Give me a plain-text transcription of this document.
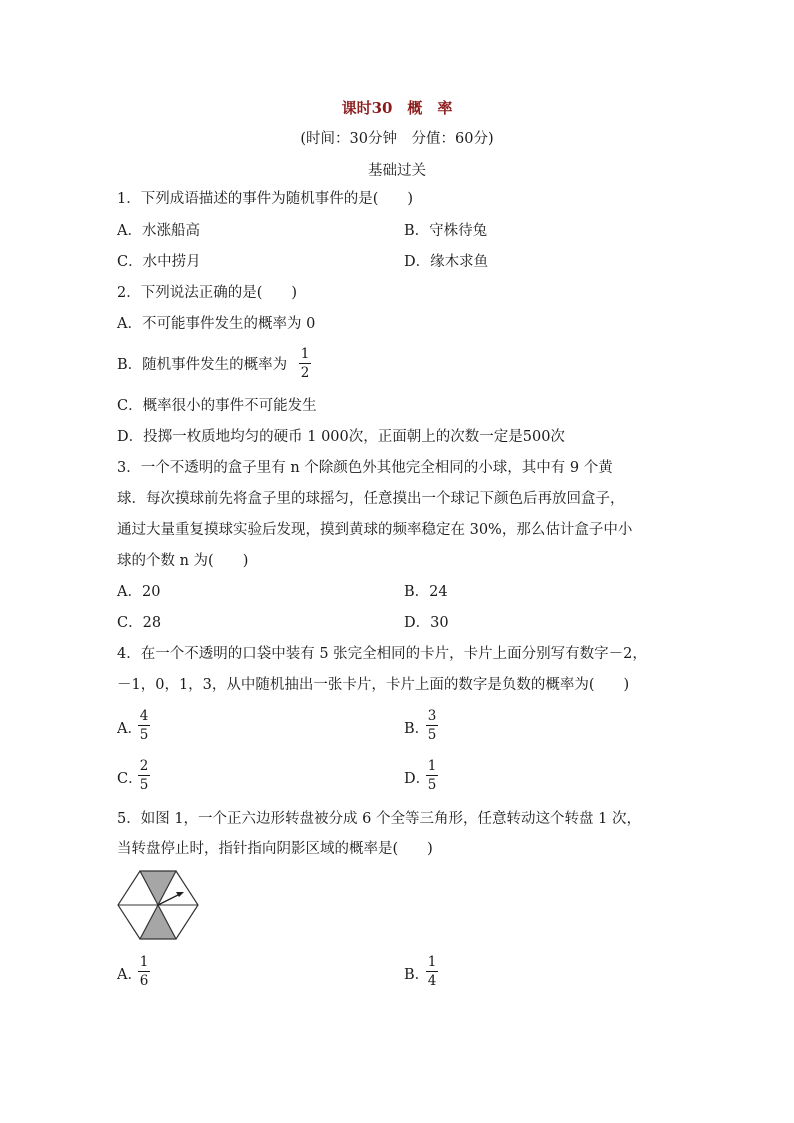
课时30　概　率
(时间：30分钟　分值：60分)
基础过关
1．下列成语描述的事件为随机事件的是(　　)
A．水涨船高	B．守株待兔
C．水中捞月	D．缘木求鱼
2．下列说法正确的是(　　)
A．不可能事件发生的概率为 0
B．随机事件发生的概率为
1
2
C．概率很小的事件不可能发生
D．投掷一枚质地均匀的硬币 1 000次，正面朝上的次数一定是500次
3．一个不透明的盒子里有 n 个除颜色外其他完全相同的小球，其中有 9 个黄
球．每次摸球前先将盒子里的球摇匀，任意摸出一个球记下颜色后再放回盒子，
通过大量重复摸球实验后发现，摸到黄球的频率稳定在 30%，那么估计盒子中小
球的个数 n 为(　　)
A．20	B．24
C．28	D．30
4．在一个不透明的口袋中装有 5 张完全相同的卡片，卡片上面分别写有数字－2，
－1，0，1，3，从中随机抽出一张卡片，卡片上面的数字是负数的概率为(　　)
A．
4
5	B．
3
5
C．
2
5	D．
1
5
5．如图 1，一个正六边形转盘被分成 6 个全等三角形，任意转动这个转盘 1 次，
当转盘停止时，指针指向阴影区域的概率是(　　)
A．
1
6	B．
1
4
